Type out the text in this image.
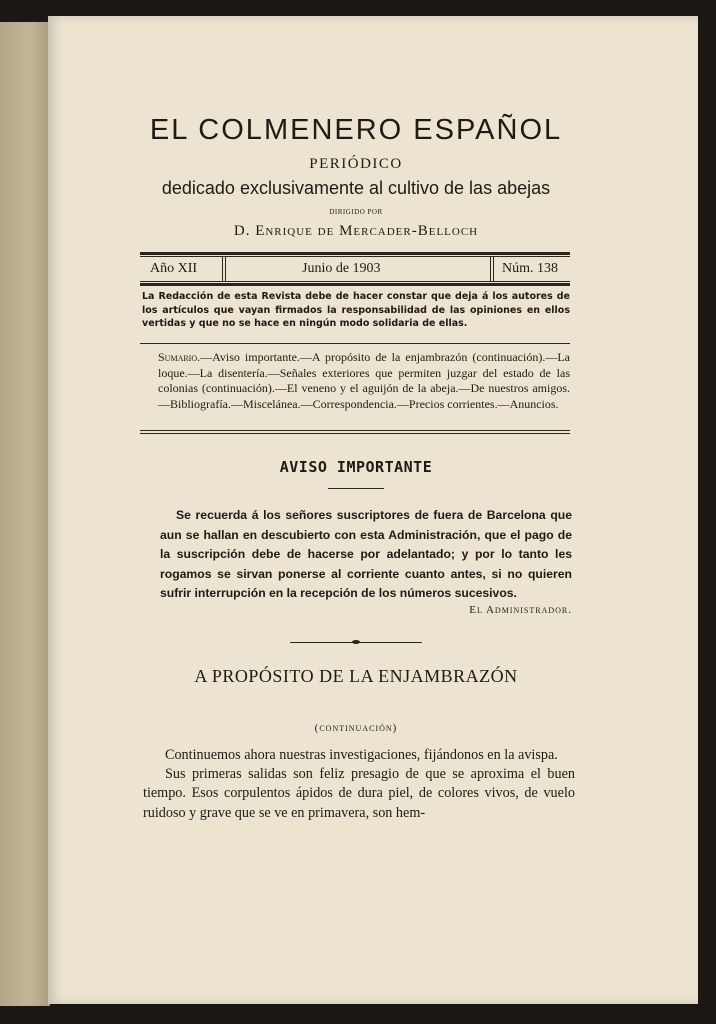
EL COLMENERO ESPAÑOL
PERIÓDICO
dedicado exclusivamente al cultivo de las abejas
DIRIGIDO POR
D. Enrique de Mercader-Belloch
Año XII	Junio de 1903	Núm. 138
La Redacción de esta Revista debe de hacer constar que deja á los autores de los artículos que vayan firmados la responsabilidad de las opiniones en ellos vertidas y que no se hace en ningún modo solidaria de ellas.
Sumario.—Aviso importante.—A propósito de la enjambrazón (continuación).—La loque.—La disentería.—Señales exteriores que permiten juzgar del estado de las colonias (continuación).—El veneno y el aguijón de la abeja.—De nuestros amigos.—Bibliografía.—Miscelánea.—Correspondencia.—Precios corrientes.—Anuncios.
AVISO IMPORTANTE
Se recuerda á los señores suscriptores de fuera de Barcelona que aun se hallan en descubierto con esta Administración, que el pago de la suscripción debe de hacerse por adelantado; y por lo tanto les rogamos se sirvan ponerse al corriente cuanto antes, si no quieren sufrir interrupción en la recepción de los números sucesivos.
El Administrador.
A PROPÓSITO DE LA ENJAMBRAZÓN
(continuación)

Continuemos ahora nuestras investigaciones, fijándonos en la avispa.

Sus primeras salidas son feliz presagio de que se aproxima el buen tiempo. Esos corpulentos ápidos de dura piel, de colores vivos, de vuelo ruidoso y grave que se ve en primavera, son hem-
